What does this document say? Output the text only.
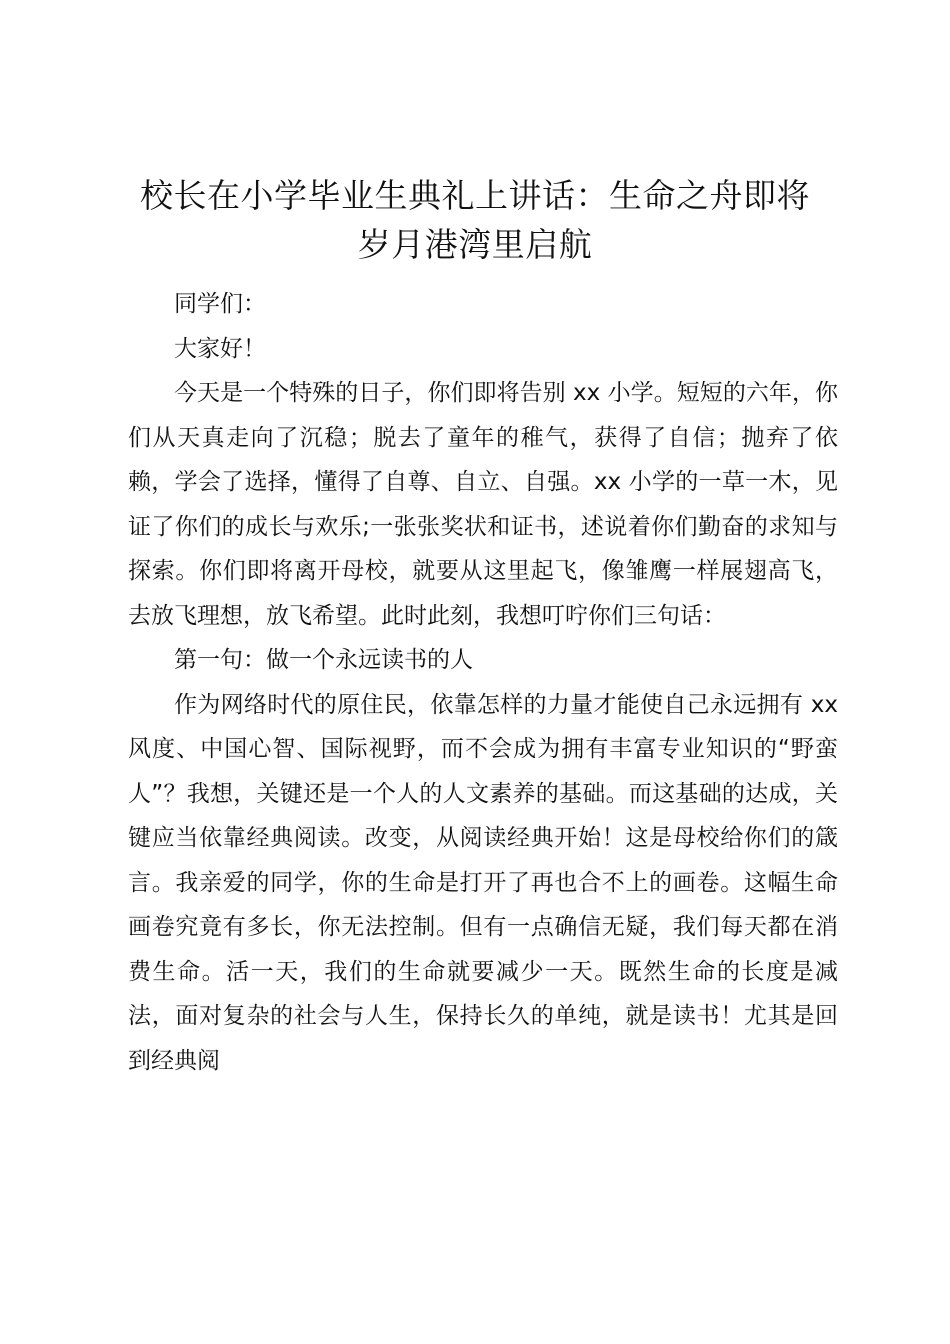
校长在小学毕业生典礼上讲话：生命之舟即将
岁月港湾里启航

同学们：

大家好！

今天是一个特殊的日子，你们即将告别 xx 小学。短短的六年，你们从天真走向了沉稳；脱去了童年的稚气，获得了自信；抛弃了依赖，学会了选择，懂得了自尊、自立、自强。xx 小学的一草一木，见证了你们的成长与欢乐;一张张奖状和证书，述说着你们勤奋的求知与探索。你们即将离开母校，就要从这里起飞，像雏鹰一样展翅高飞，去放飞理想，放飞希望。此时此刻，我想叮咛你们三句话：

第一句：做一个永远读书的人

作为网络时代的原住民，依靠怎样的力量才能使自己永远拥有 xx 风度、中国心智、国际视野，而不会成为拥有丰富专业知识的“野蛮人”？我想，关键还是一个人的人文素养的基础。而这基础的达成，关键应当依靠经典阅读。改变，从阅读经典开始！这是母校给你们的箴言。我亲爱的同学，你的生命是打开了再也合不上的画卷。这幅生命画卷究竟有多长，你无法控制。但有一点确信无疑，我们每天都在消费生命。活一天，我们的生命就要减少一天。既然生命的长度是减法，面对复杂的社会与人生，保持长久的单纯，就是读书！尤其是回到经典阅
